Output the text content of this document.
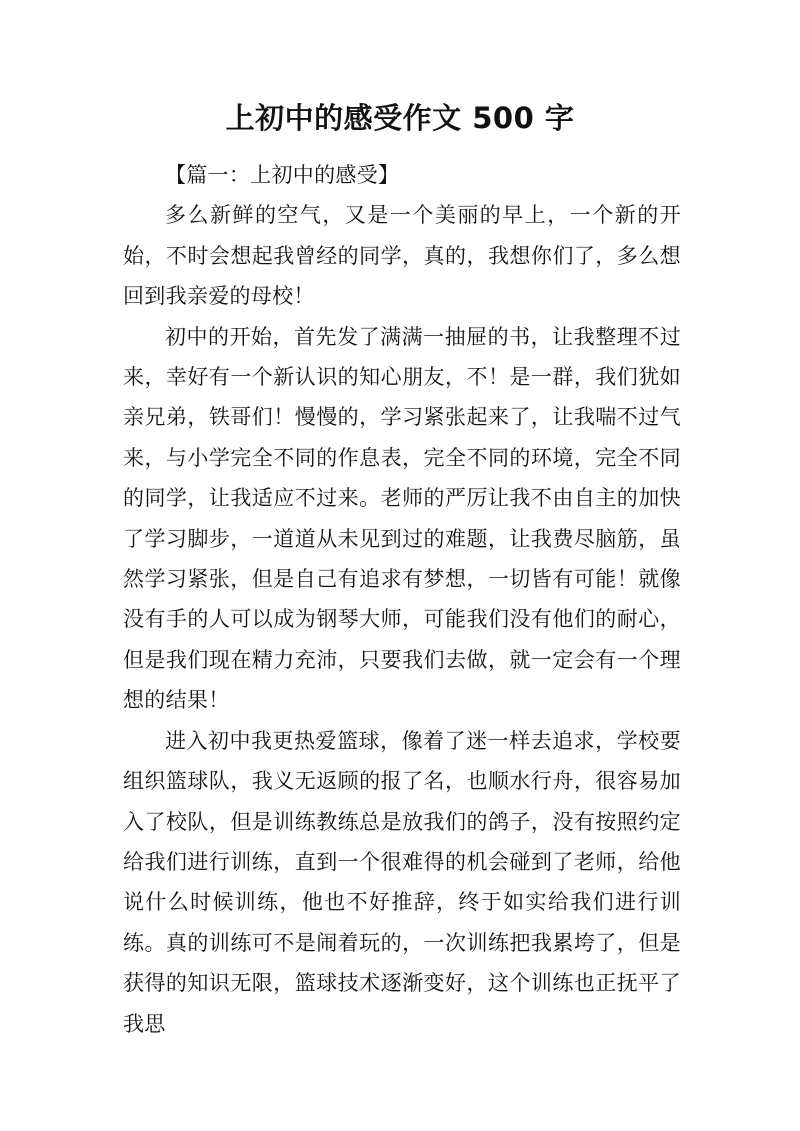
上初中的感受作文 500 字

【篇一：上初中的感受】

多么新鲜的空气，又是一个美丽的早上，一个新的开始，不时会想起我曾经的同学，真的，我想你们了，多么想回到我亲爱的母校！

初中的开始，首先发了满满一抽屉的书，让我整理不过来，幸好有一个新认识的知心朋友，不！是一群，我们犹如亲兄弟，铁哥们！慢慢的，学习紧张起来了，让我喘不过气来，与小学完全不同的作息表，完全不同的环境，完全不同的同学，让我适应不过来。老师的严厉让我不由自主的加快了学习脚步，一道道从未见到过的难题，让我费尽脑筋，虽然学习紧张，但是自己有追求有梦想，一切皆有可能！就像没有手的人可以成为钢琴大师，可能我们没有他们的耐心，但是我们现在精力充沛，只要我们去做，就一定会有一个理想的结果！

进入初中我更热爱篮球，像着了迷一样去追求，学校要组织篮球队，我义无返顾的报了名，也顺水行舟，很容易加入了校队，但是训练教练总是放我们的鸽子，没有按照约定给我们进行训练，直到一个很难得的机会碰到了老师，给他说什么时候训练，他也不好推辞，终于如实给我们进行训练。真的训练可不是闹着玩的，一次训练把我累垮了，但是获得的知识无限，篮球技术逐渐变好，这个训练也正抚平了我思
